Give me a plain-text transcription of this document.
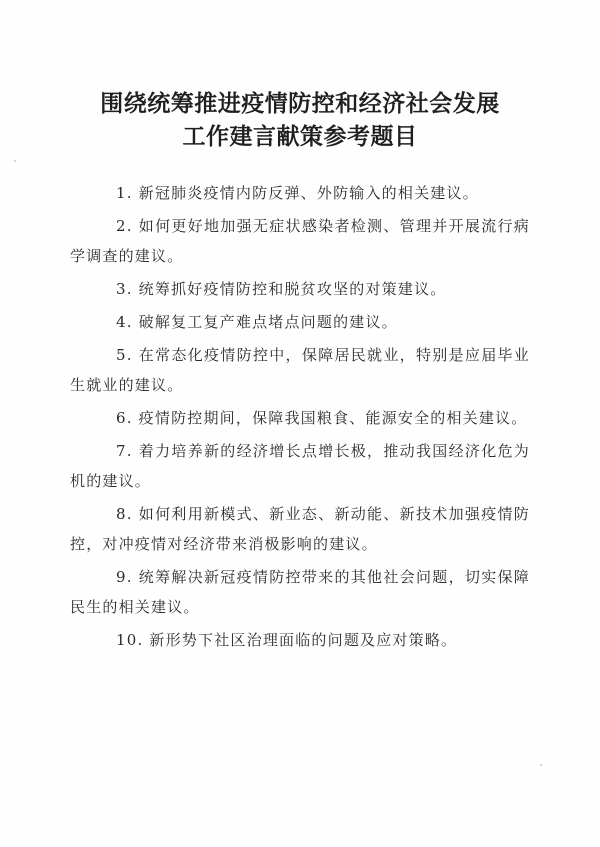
围绕统筹推进疫情防控和经济社会发展
工作建言献策参考题目

1. 新冠肺炎疫情内防反弹、外防输入的相关建议。

2. 如何更好地加强无症状感染者检测、管理并开展流行病学调查的建议。

3. 统筹抓好疫情防控和脱贫攻坚的对策建议。

4. 破解复工复产难点堵点问题的建议。

5. 在常态化疫情防控中，保障居民就业，特别是应届毕业生就业的建议。

6. 疫情防控期间，保障我国粮食、能源安全的相关建议。

7. 着力培养新的经济增长点增长极，推动我国经济化危为机的建议。

8. 如何利用新模式、新业态、新动能、新技术加强疫情防控，对冲疫情对经济带来消极影响的建议。

9. 统筹解决新冠疫情防控带来的其他社会问题，切实保障民生的相关建议。

10. 新形势下社区治理面临的问题及应对策略。
